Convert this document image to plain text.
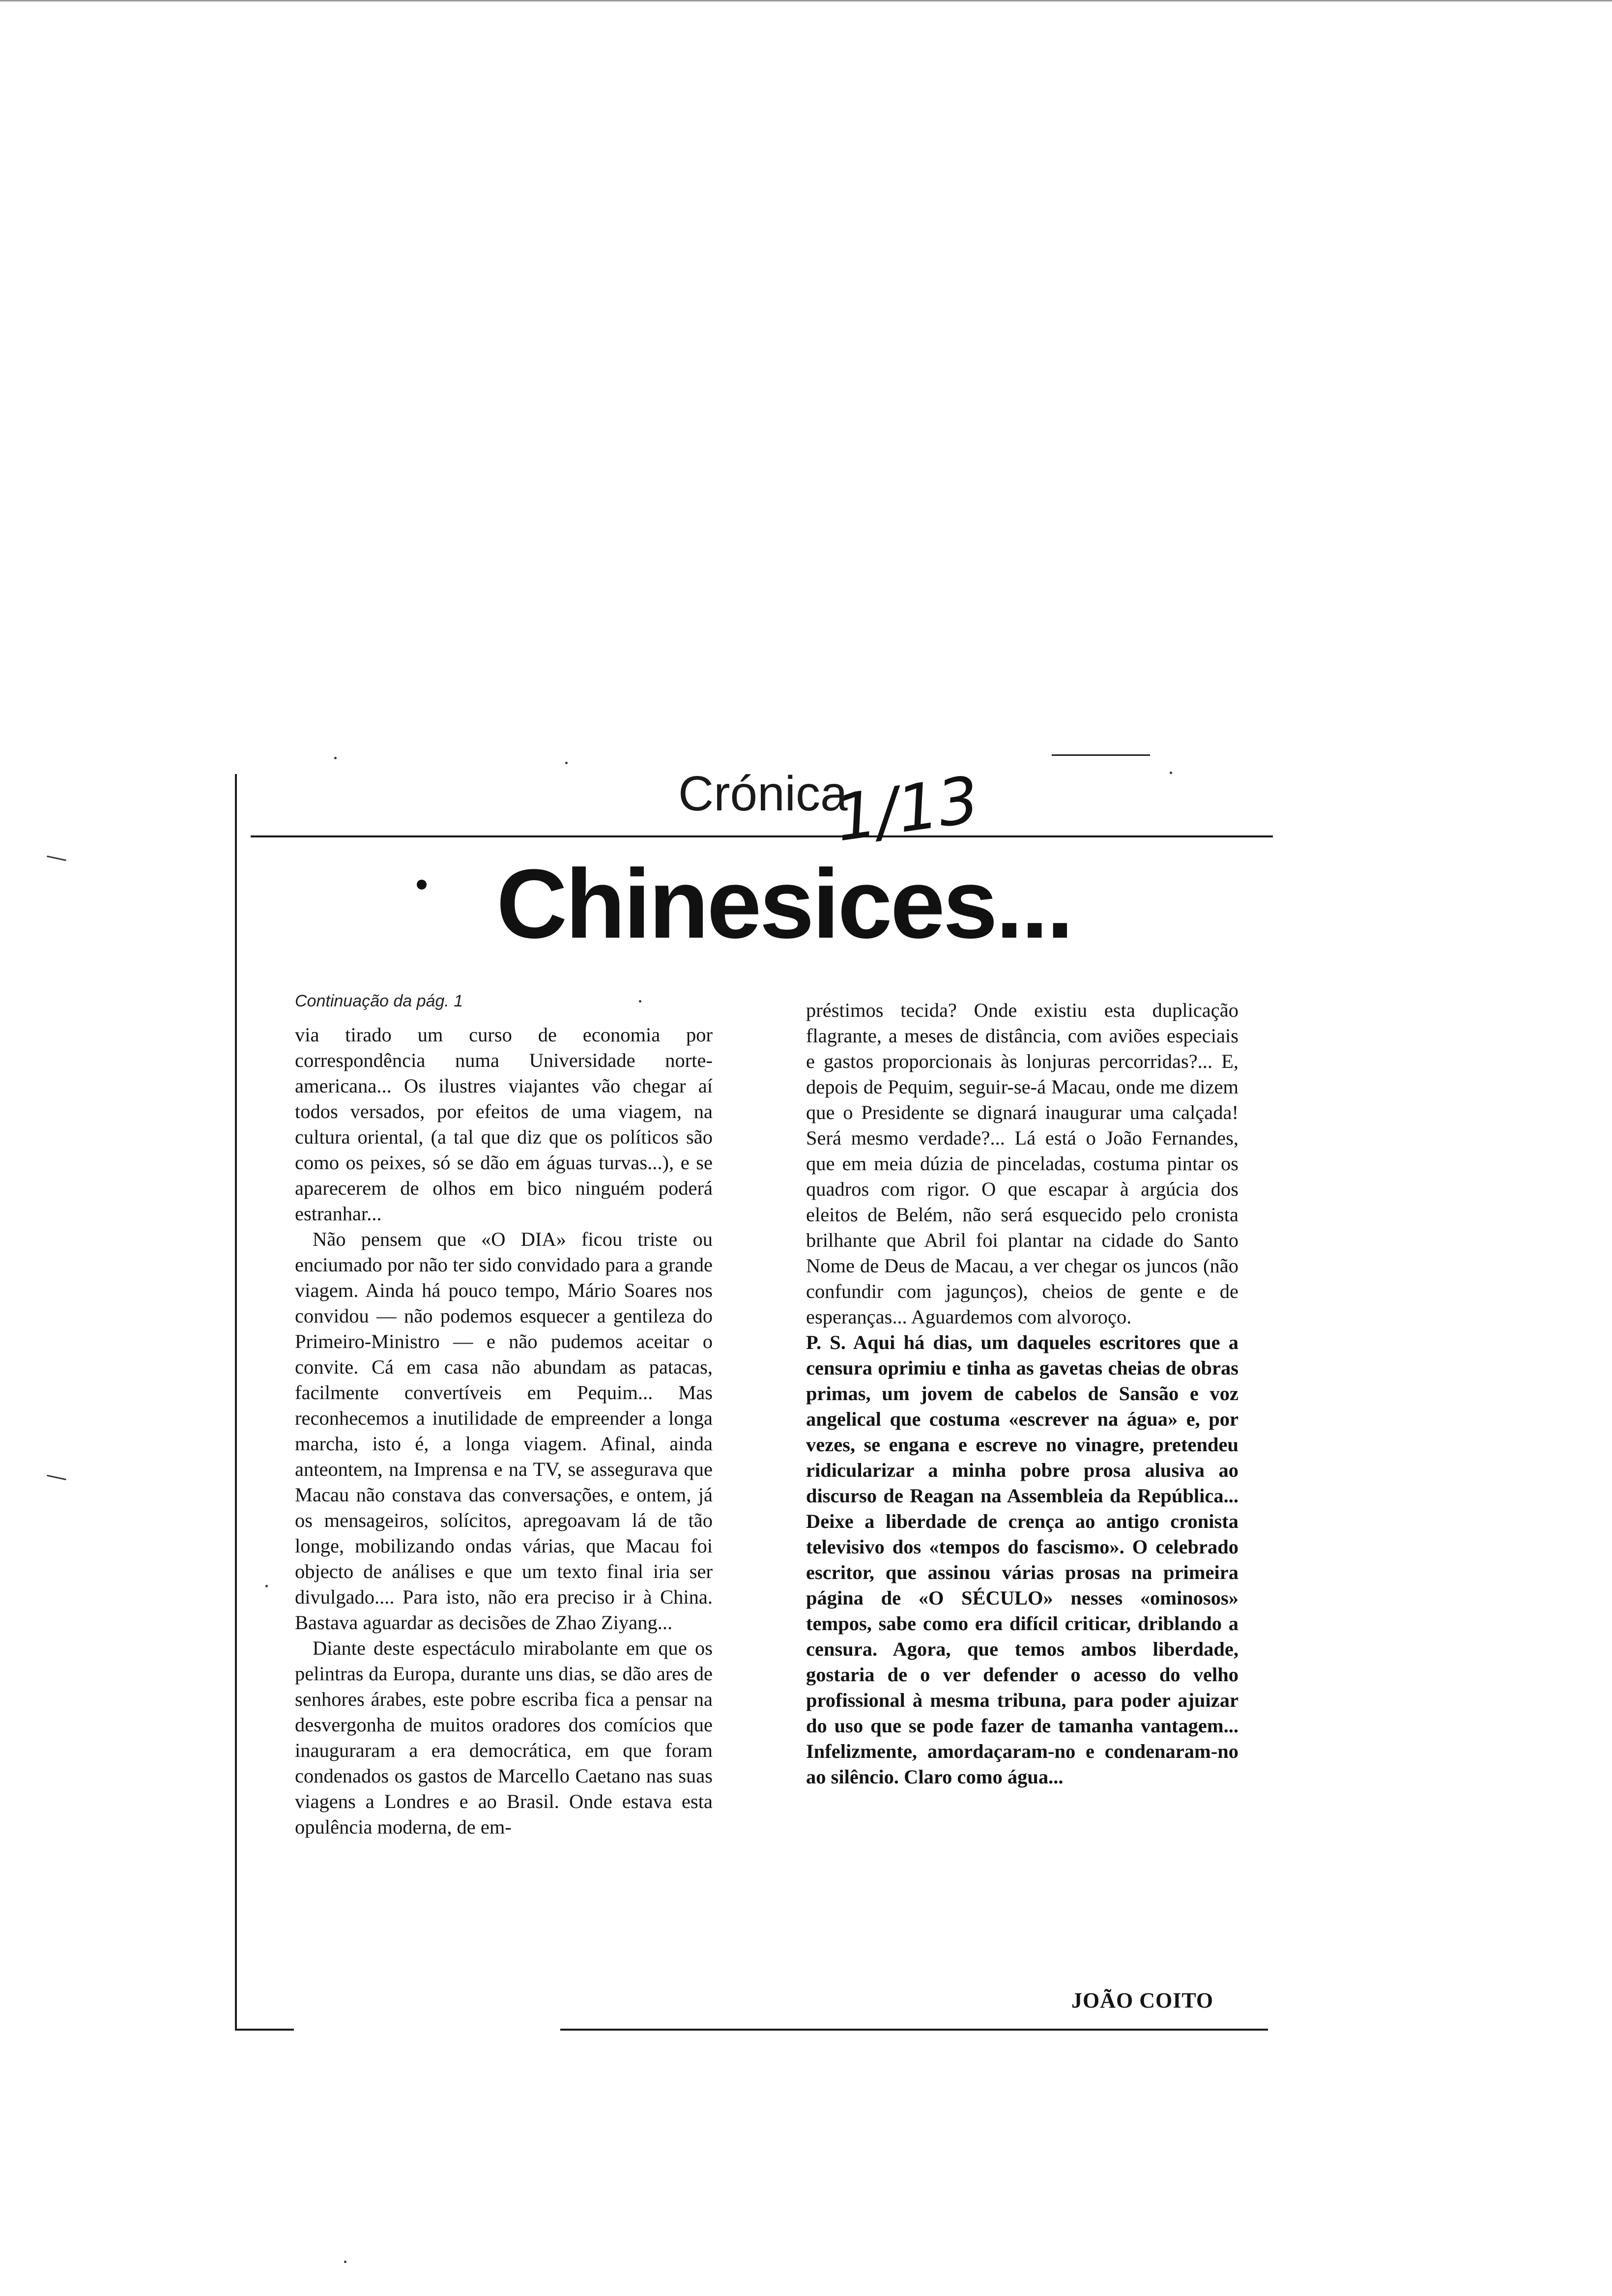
Crónica
1/13
Chinesices...
Continuação da pág. 1

via tirado um curso de economia por correspondência numa Universidade norte-americana... Os ilustres viajantes vão chegar aí todos versados, por efeitos de uma viagem, na cultura oriental, (a tal que diz que os políticos são como os peixes, só se dão em águas turvas...), e se aparecerem de olhos em bico ninguém poderá estranhar...

Não pensem que «O DIA» ficou triste ou enciumado por não ter sido convidado para a grande viagem. Ainda há pouco tempo, Mário Soares nos convidou — não podemos esquecer a gentileza do Primeiro-Ministro — e não pudemos aceitar o convite. Cá em casa não abundam as patacas, facilmente convertíveis em Pequim... Mas reconhecemos a inutilidade de empreender a longa marcha, isto é, a longa viagem. Afinal, ainda anteontem, na Imprensa e na TV, se assegurava que Macau não constava das conversações, e ontem, já os mensageiros, solícitos, apregoavam lá de tão longe, mobilizando ondas várias, que Macau foi objecto de análises e que um texto final iria ser divulgado.... Para isto, não era preciso ir à China. Bastava aguardar as decisões de Zhao Ziyang...

Diante deste espectáculo mirabolante em que os pelintras da Europa, durante uns dias, se dão ares de senhores árabes, este pobre escriba fica a pensar na desvergonha de muitos oradores dos comícios que inauguraram a era democrática, em que foram condenados os gastos de Marcello Caetano nas suas viagens a Londres e ao Brasil. Onde estava esta opulência moderna, de em-

préstimos tecida? Onde existiu esta duplicação flagrante, a meses de distância, com aviões especiais e gastos proporcionais às lonjuras percorridas?... E, depois de Pequim, seguir-se-á Macau, onde me dizem que o Presidente se dignará inaugurar uma calçada! Será mesmo verdade?... Lá está o João Fernandes, que em meia dúzia de pinceladas, costuma pintar os quadros com rigor. O que escapar à argúcia dos eleitos de Belém, não será esquecido pelo cronista brilhante que Abril foi plantar na cidade do Santo Nome de Deus de Macau, a ver chegar os juncos (não confundir com jagunços), cheios de gente e de esperanças... Aguardemos com alvoroço.

P. S. Aqui há dias, um daqueles escritores que a censura oprimiu e tinha as gavetas cheias de obras primas, um jovem de cabelos de Sansão e voz angelical que costuma «escrever na água» e, por vezes, se engana e escreve no vinagre, pretendeu ridicularizar a minha pobre prosa alusiva ao discurso de Reagan na Assembleia da República... Deixe a liberdade de crença ao antigo cronista televisivo dos «tempos do fascismo». O celebrado escritor, que assinou várias prosas na primeira página de «O SÉCULO» nesses «ominosos» tempos, sabe como era difícil criticar, driblando a censura. Agora, que temos ambos liberdade, gostaria de o ver defender o acesso do velho profissional à mesma tribuna, para poder ajuizar do uso que se pode fazer de tamanha vantagem... Infelizmente, amordaçaram-no e condenaram-no ao silêncio. Claro como água...

JOÃO COITO
